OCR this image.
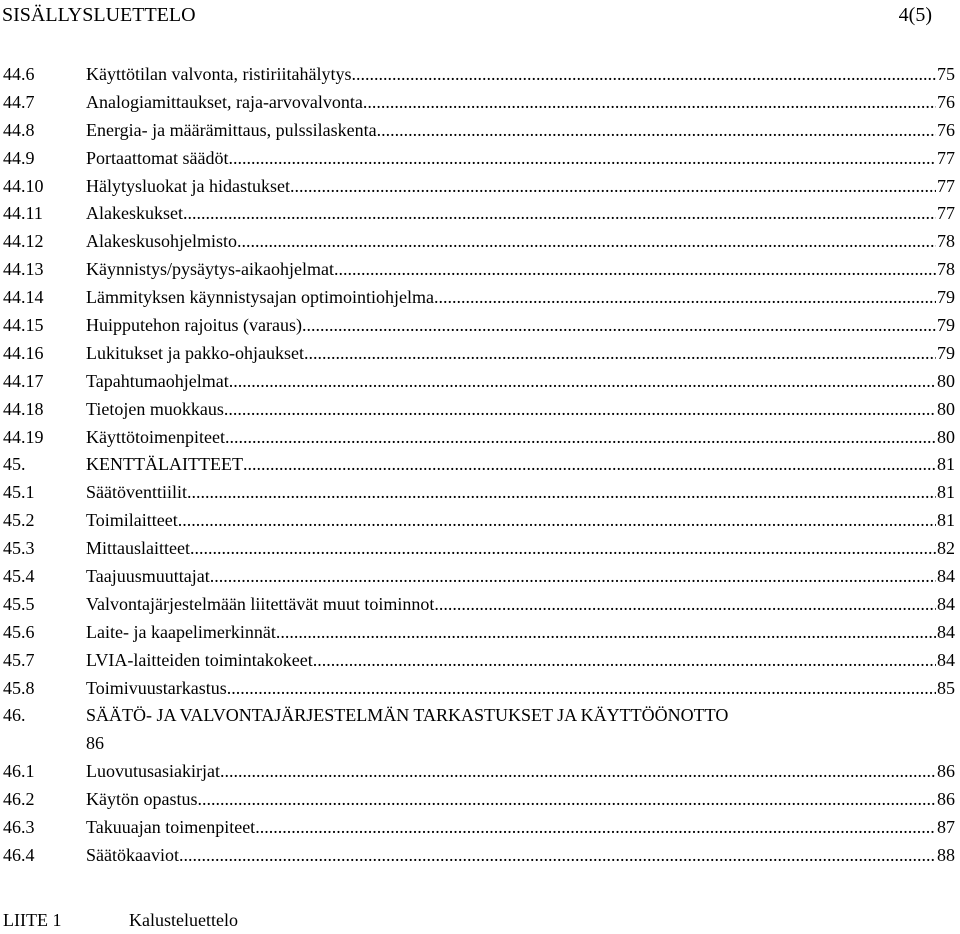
SISÄLLYSLUETTELO	4(5)
44.6	Käyttötilan valvonta, ristiriitahälytys .....	75
44.7	Analogiamittaukset, raja-arvovalvonta .....	76
44.8	Energia- ja määrämittaus, pulssilaskenta .....	76
44.9	Portaattomat säädöt .....	77
44.10 Hälytysluokat ja hidastukset .....	77
44.11 Alakeskukset .....	77
44.12 Alakeskusohjelmisto .....	78
44.13 Käynnistys/pysäytys-aikaohjelmat .....	78
44.14 Lämmityksen käynnistysajan optimointiohjelma .....	79
44.15 Huipputehon rajoitus (varaus) .....	79
44.16 Lukitukset ja pakko-ohjaukset .....	79
44.17 Tapahtumaohjelmat .....	80
44.18 Tietojen muokkaus .....	80
44.19 Käyttötoimenpiteet .....	80
45.	KENTTÄLAITTEET .....	81
45.1	Säätöventtiilit .....	81
45.2	Toimilaitteet .....	81
45.3	Mittauslaitteet .....	82
45.4	Taajuusmuuttajat .....	84
45.5	Valvontajärjestelmään liitettävät muut toiminnot .....	84
45.6	Laite- ja kaapelimerkinnät .....	84
45.7	LVIA-laitteiden toimintakokeet .....	84
45.8	Toimivuustarkastus .....	85
46.	SÄÄTÖ- JA VALVONTAJÄRJESTELMÄN TARKASTUKSET JA KÄYTTÖÖNOTTO
86
46.1	Luovutusasiakirjat .....	86
46.2	Käytön opastus .....	86
46.3	Takuuajan toimenpiteet .....	87
46.4	Säätökaaviot .....	88
LIITE 1	Kalusteluettelo
